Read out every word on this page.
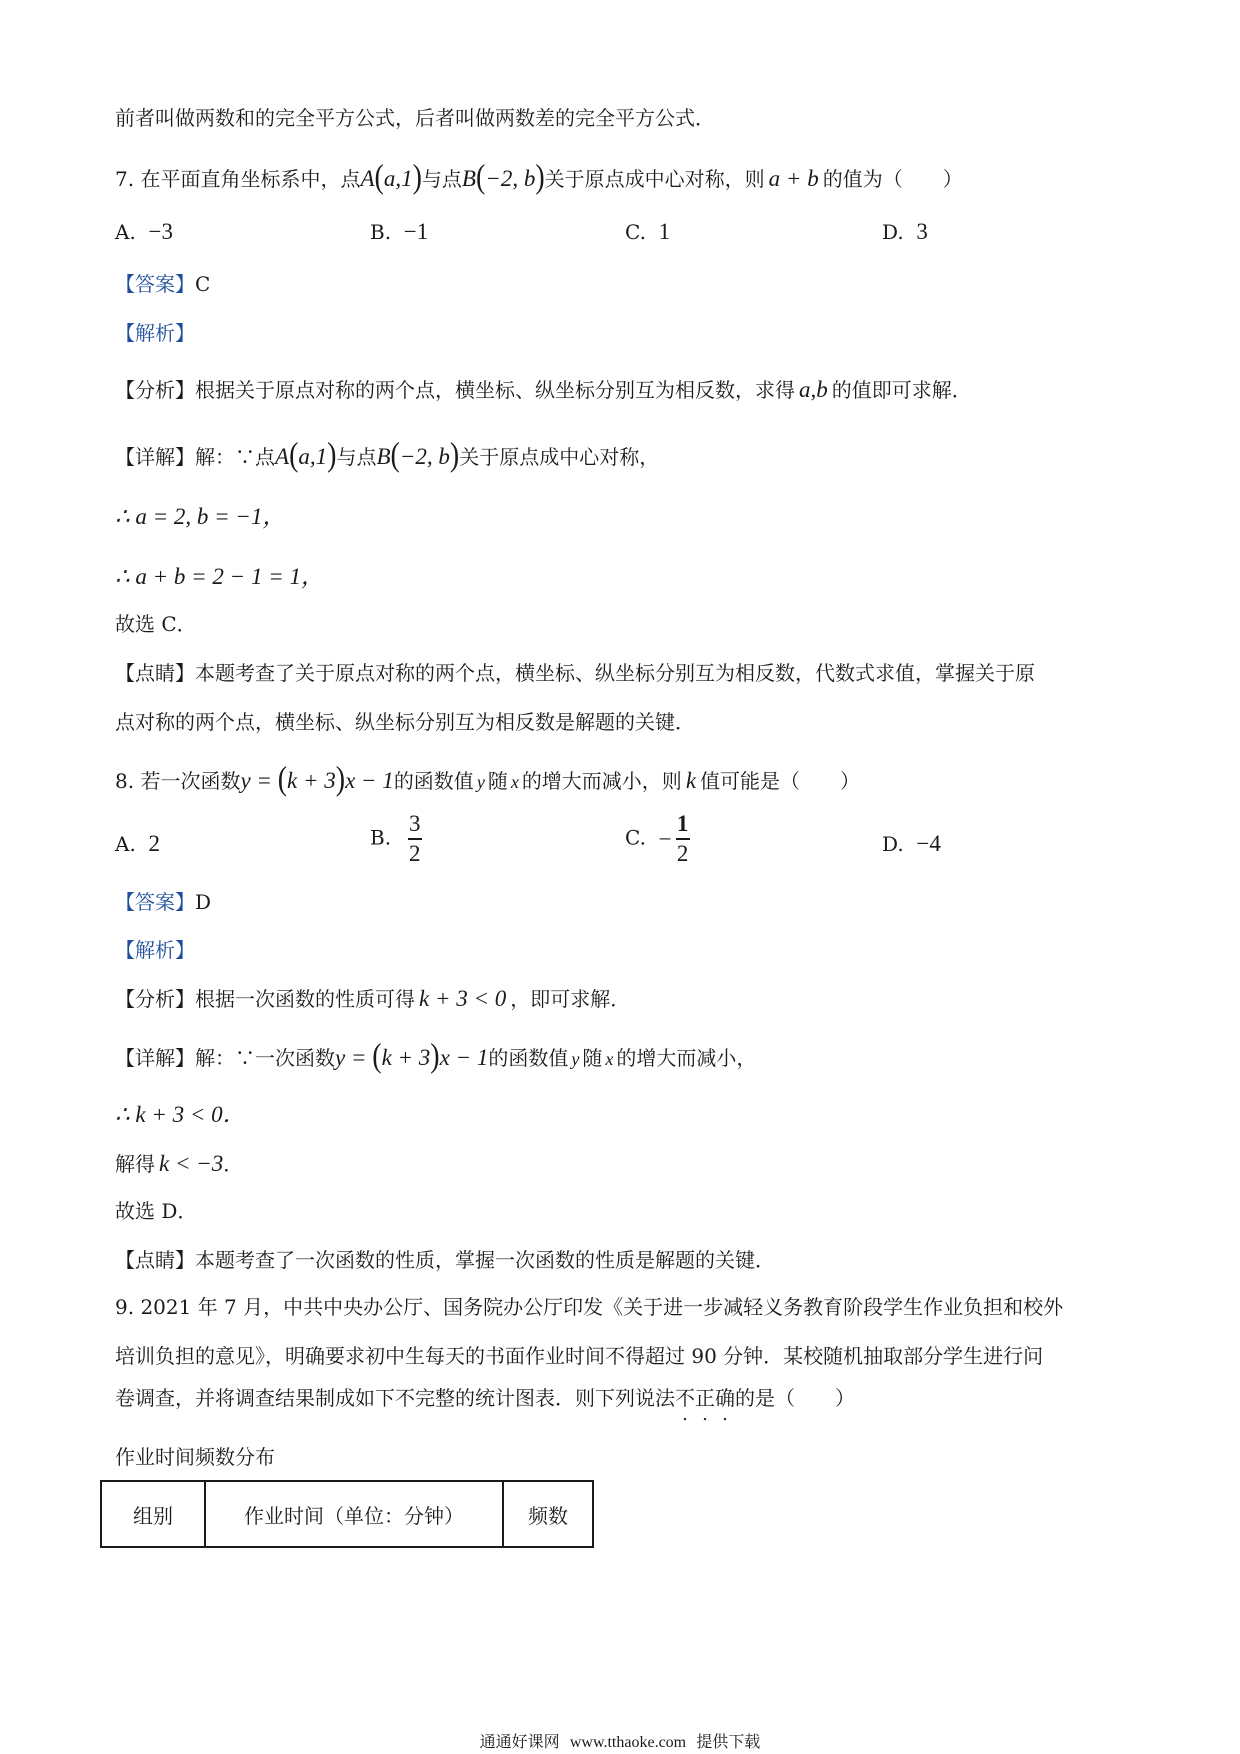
前者叫做两数和的完全平方公式，后者叫做两数差的完全平方公式．
7. 在平面直角坐标系中，点A(a,1)与点B(−2, b)关于原点成中心对称，则 a + b 的值为（　　）
A. −3	B. −1	C. 1	D. 3
【答案】C
【解析】
【分析】根据关于原点对称的两个点，横坐标、纵坐标分别互为相反数，求得 a,b 的值即可求解．
【详解】解：∵点A(a,1)与点B(−2, b)关于原点成中心对称，
∴ a = 2, b = −1，
∴ a + b = 2 − 1 = 1，
故选 C．
【点睛】本题考查了关于原点对称的两个点，横坐标、纵坐标分别互为相反数，代数式求值，掌握关于原
点对称的两个点，横坐标、纵坐标分别互为相反数是解题的关键．
8. 若一次函数y = (k + 3)x − 1的函数值 y 随 x 的增大而减小，则 k 值可能是（　　）
A. 2	B. $\frac{3}{2}$	C. − $\frac{1}{2}$	D. −4
【答案】D
【解析】
【分析】根据一次函数的性质可得 k + 3 < 0 ，即可求解．
【详解】解：∵一次函数y = (k + 3)x − 1的函数值 y 随 x 的增大而减小，
∴ k + 3 < 0．
解得 k < −3．
故选 D．
【点睛】本题考查了一次函数的性质，掌握一次函数的性质是解题的关键．
9. 2021 年 7 月，中共中央办公厅、国务院办公厅印发《关于进一步减轻义务教育阶段学生作业负担和校外
培训负担的意见》，明确要求初中生每天的书面作业时间不得超过 90 分钟．某校随机抽取部分学生进行问
卷调查，并将调查结果制成如下不完整的统计图表．则下列说法不正确的是（　　）
作业时间频数分布
组别	作业时间（单位：分钟）	频数
通通好课网 www.tthaoke.com 提供下载
